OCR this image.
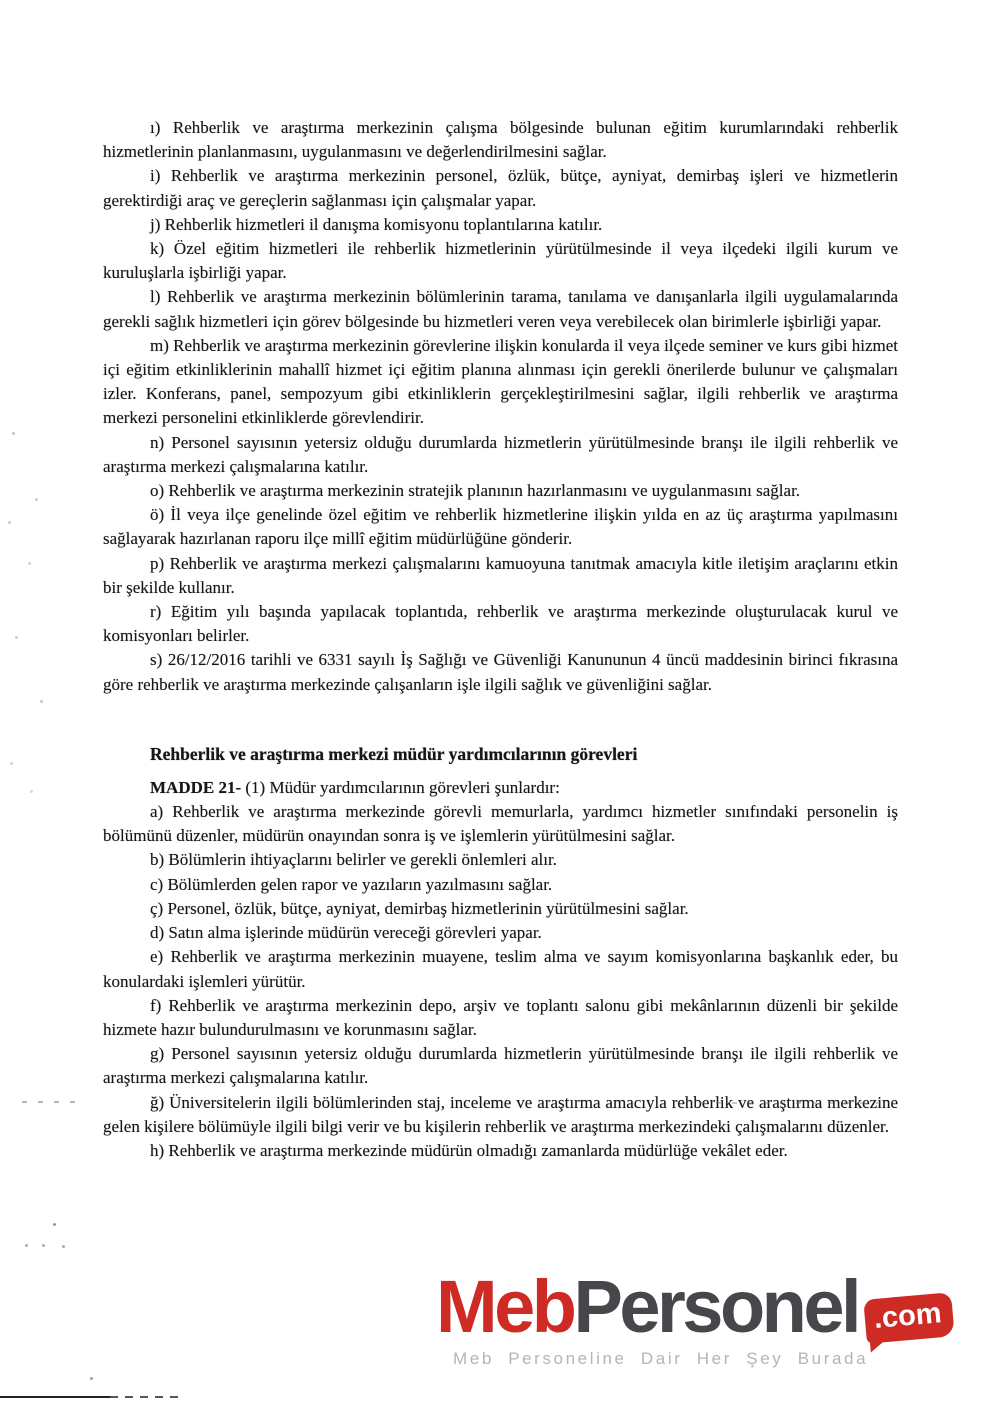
ı) Rehberlik ve araştırma merkezinin çalışma bölgesinde bulunan eğitim kurumlarındaki rehberlik hizmetlerinin planlanmasını, uygulanmasını ve değerlendirilmesini sağlar.

i) Rehberlik ve araştırma merkezinin personel, özlük, bütçe, ayniyat, demirbaş işleri ve hizmetlerin gerektirdiği araç ve gereçlerin sağlanması için çalışmalar yapar.

j) Rehberlik hizmetleri il danışma komisyonu toplantılarına katılır.

k) Özel eğitim hizmetleri ile rehberlik hizmetlerinin yürütülmesinde il veya ilçedeki ilgili kurum ve kuruluşlarla işbirliği yapar.

l) Rehberlik ve araştırma merkezinin bölümlerinin tarama, tanılama ve danışanlarla ilgili uygulamalarında gerekli sağlık hizmetleri için görev bölgesinde bu hizmetleri veren veya verebilecek olan birimlerle işbirliği yapar.

m) Rehberlik ve araştırma merkezinin görevlerine ilişkin konularda il veya ilçede seminer ve kurs gibi hizmet içi eğitim etkinliklerinin mahallî hizmet içi eğitim planına alınması için gerekli önerilerde bulunur ve çalışmaları izler. Konferans, panel, sempozyum gibi etkinliklerin gerçekleştirilmesini sağlar, ilgili rehberlik ve araştırma merkezi personelini etkinliklerde görevlendirir.

n) Personel sayısının yetersiz olduğu durumlarda hizmetlerin yürütülmesinde branşı ile ilgili rehberlik ve araştırma merkezi çalışmalarına katılır.

o) Rehberlik ve araştırma merkezinin stratejik planının hazırlanmasını ve uygulanmasını sağlar.

ö) İl veya ilçe genelinde özel eğitim ve rehberlik hizmetlerine ilişkin yılda en az üç araştırma yapılmasını sağlayarak hazırlanan raporu ilçe millî eğitim müdürlüğüne gönderir.

p) Rehberlik ve araştırma merkezi çalışmalarını kamuoyuna tanıtmak amacıyla kitle iletişim araçlarını etkin bir şekilde kullanır.

r) Eğitim yılı başında yapılacak toplantıda, rehberlik ve araştırma merkezinde oluşturulacak kurul ve komisyonları belirler.

s) 26/12/2016 tarihli ve 6331 sayılı İş Sağlığı ve Güvenliği Kanununun 4 üncü maddesinin birinci fıkrasına göre rehberlik ve araştırma merkezinde çalışanların işle ilgili sağlık ve güvenliğini sağlar.

Rehberlik ve araştırma merkezi müdür yardımcılarının görevleri

MADDE 21- (1) Müdür yardımcılarının görevleri şunlardır:

a) Rehberlik ve araştırma merkezinde görevli memurlarla, yardımcı hizmetler sınıfındaki personelin iş bölümünü düzenler, müdürün onayından sonra iş ve işlemlerin yürütülmesini sağlar.

b) Bölümlerin ihtiyaçlarını belirler ve gerekli önlemleri alır.

c) Bölümlerden gelen rapor ve yazıların yazılmasını sağlar.

ç) Personel, özlük, bütçe, ayniyat, demirbaş hizmetlerinin yürütülmesini sağlar.

d) Satın alma işlerinde müdürün vereceği görevleri yapar.

e) Rehberlik ve araştırma merkezinin muayene, teslim alma ve sayım komisyonlarına başkanlık eder, bu konulardaki işlemleri yürütür.

f) Rehberlik ve araştırma merkezinin depo, arşiv ve toplantı salonu gibi mekânlarının düzenli bir şekilde hizmete hazır bulundurulmasını ve korunmasını sağlar.

g) Personel sayısının yetersiz olduğu durumlarda hizmetlerin yürütülmesinde branşı ile ilgili rehberlik ve araştırma merkezi çalışmalarına katılır.

ğ) Üniversitelerin ilgili bölümlerinden staj, inceleme ve araştırma amacıyla rehberlik ve araştırma merkezine gelen kişilere bölümüyle ilgili bilgi verir ve bu kişilerin rehberlik ve araştırma merkezindeki çalışmalarını düzenler.

h) Rehberlik ve araştırma merkezinde müdürün olmadığı zamanlarda müdürlüğe vekâlet eder.

Meb Personel .com
Meb Personeline Dair Her Şey Burada
